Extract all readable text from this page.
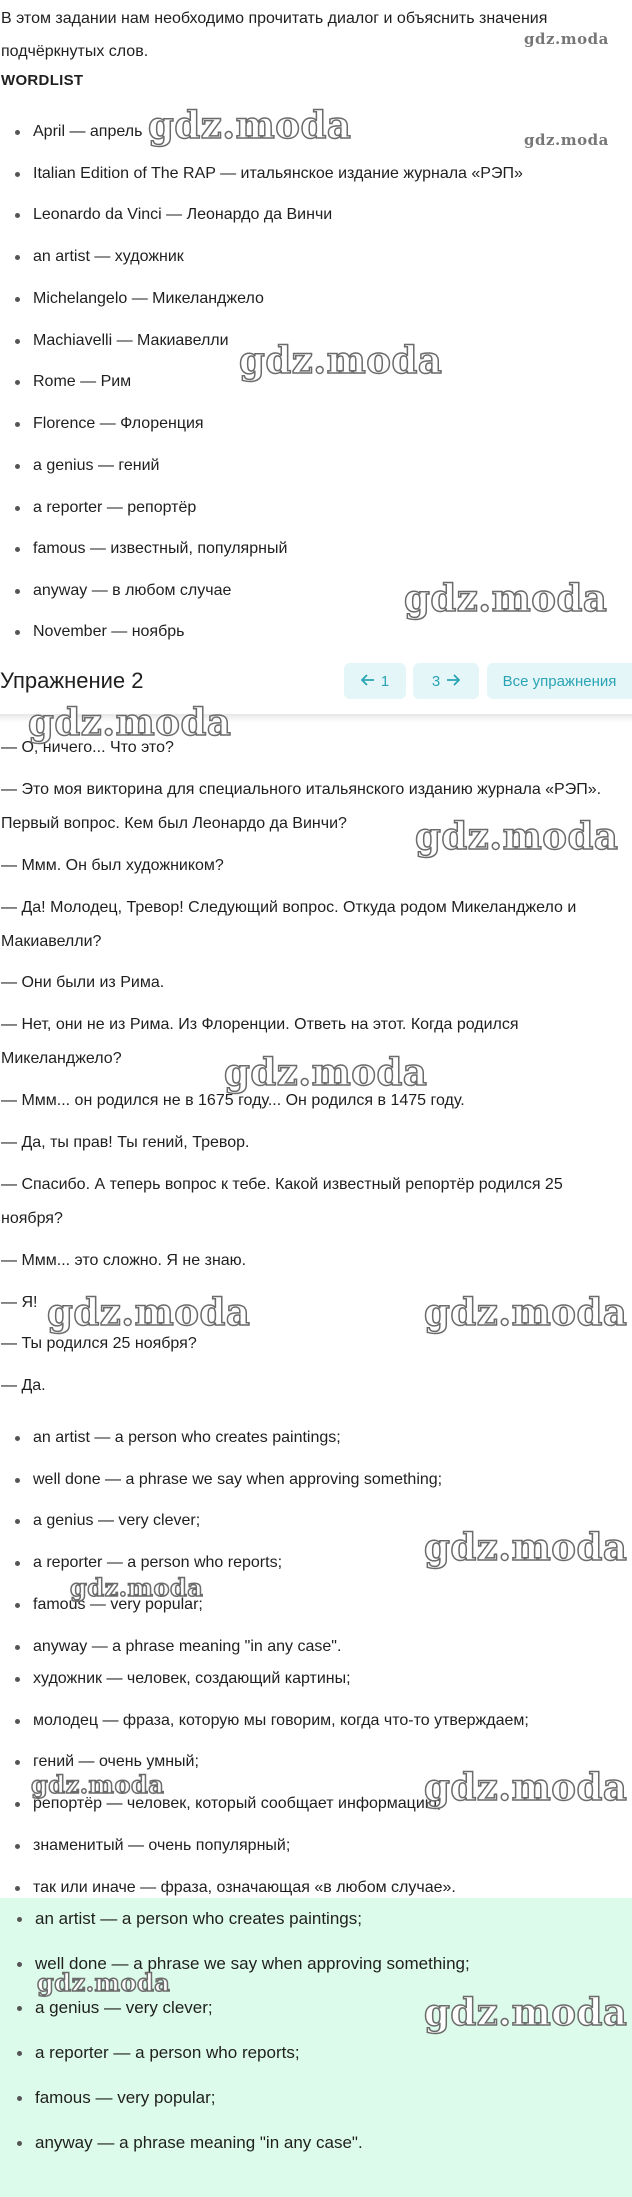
В этом задании нам необходимо прочитать диалог и объяснить значения подчёркнутых слов.

WORDLIST
April — апрель
Italian Edition of The RAP — итальянское издание журнала «РЭП»
Leonardo da Vinci — Леонардо да Винчи
an artist — художник
Michelangelo — Микеланджело
Machiavelli — Макиавелли
Rome — Рим
Florence — Флоренция
a genius — гений
a reporter — репортёр
famous — известный, популярный
anyway — в любом случае
November — ноябрь
Упражнение 2	1	3	Все упражнения

— О, ничего... Что это?

— Это моя викторина для специального итальянского изданию журнала «РЭП». Первый вопрос. Кем был Леонардо да Винчи?

— Ммм. Он был художником?

— Да! Молодец, Тревор! Следующий вопрос. Откуда родом Микеланджело и Макиавелли?

— Они были из Рима.

— Нет, они не из Рима. Из Флоренции. Ответь на этот. Когда родился Микеланджело?

— Ммм... он родился не в 1675 году... Он родился в 1475 году.

— Да, ты прав! Ты гений, Тревор.

— Спасибо. А теперь вопрос к тебе. Какой известный репортёр родился 25 ноября?

— Ммм... это сложно. Я не знаю.

— Я!

— Ты родился 25 ноября?

— Да.

an artist — a person who creates paintings;
well done — a phrase we say when approving something;
a genius — very clever;
a reporter — a person who reports;
famous — very popular;
anyway — a phrase meaning "in any case".
художник — человек, создающий картины;
молодец — фраза, которую мы говорим, когда что-то утверждаем;
гений — очень умный;
репортёр — человек, который сообщает информацию;
знаменитый — очень популярный;
так или иначе — фраза, означающая «в любом случае».
an artist — a person who creates paintings;
well done — a phrase we say when approving something;
a genius — very clever;
a reporter — a person who reports;
famous — very popular;
anyway — a phrase meaning "in any case".
gdz.moda
gdz.moda
gdz.moda
gdz.moda
gdz.moda
gdz.moda
gdz.moda
gdz.moda
gdz.moda	gdz.moda
gdz.moda
gdz.moda
gdz.moda	gdz.moda
gdz.moda
gdz.moda
